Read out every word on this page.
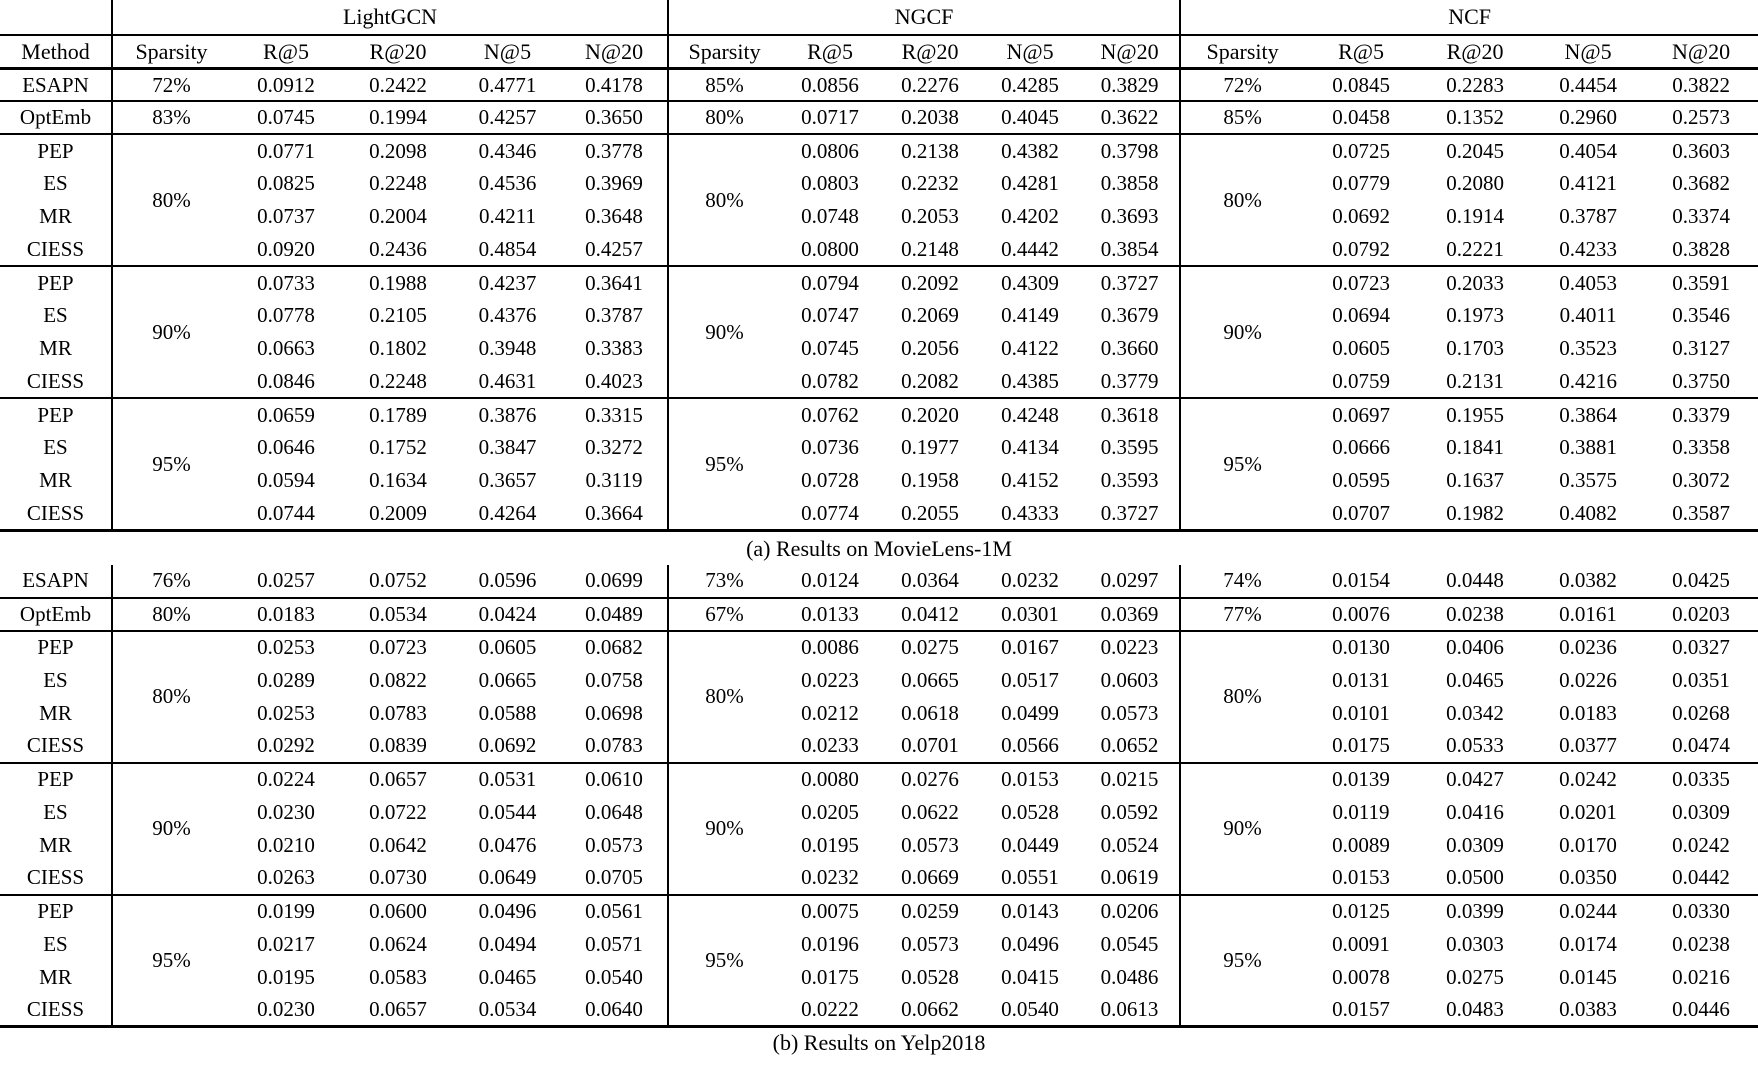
	LightGCN					NGCF					NCF				
Method	Sparsity	R@5	R@20	N@5	N@20	Sparsity	R@5	R@20	N@5	N@20	Sparsity	R@5	R@20	N@5	N@20
ESAPN	72%	0.0912	0.2422	0.4771	0.4178	85%	0.0856	0.2276	0.4285	0.3829	72%	0.0845	0.2283	0.4454	0.3822
OptEmb	83%	0.0745	0.1994	0.4257	0.3650	80%	0.0717	0.2038	0.4045	0.3622	85%	0.0458	0.1352	0.2960	0.2573
PEP	80%	0.0771	0.2098	0.4346	0.3778	80%	0.0806	0.2138	0.4382	0.3798	80%	0.0725	0.2045	0.4054	0.3603
ES		0.0825	0.2248	0.4536	0.3969		0.0803	0.2232	0.4281	0.3858		0.0779	0.2080	0.4121	0.3682
MR		0.0737	0.2004	0.4211	0.3648		0.0748	0.2053	0.4202	0.3693		0.0692	0.1914	0.3787	0.3374
CIESS		0.0920	0.2436	0.4854	0.4257		0.0800	0.2148	0.4442	0.3854		0.0792	0.2221	0.4233	0.3828
PEP	90%	0.0733	0.1988	0.4237	0.3641	90%	0.0794	0.2092	0.4309	0.3727	90%	0.0723	0.2033	0.4053	0.3591
ES		0.0778	0.2105	0.4376	0.3787		0.0747	0.2069	0.4149	0.3679		0.0694	0.1973	0.4011	0.3546
MR		0.0663	0.1802	0.3948	0.3383		0.0745	0.2056	0.4122	0.3660		0.0605	0.1703	0.3523	0.3127
CIESS		0.0846	0.2248	0.4631	0.4023		0.0782	0.2082	0.4385	0.3779		0.0759	0.2131	0.4216	0.3750
PEP	95%	0.0659	0.1789	0.3876	0.3315	95%	0.0762	0.2020	0.4248	0.3618	95%	0.0697	0.1955	0.3864	0.3379
ES		0.0646	0.1752	0.3847	0.3272		0.0736	0.1977	0.4134	0.3595		0.0666	0.1841	0.3881	0.3358
MR		0.0594	0.1634	0.3657	0.3119		0.0728	0.1958	0.4152	0.3593		0.0595	0.1637	0.3575	0.3072
CIESS		0.0744	0.2009	0.4264	0.3664		0.0774	0.2055	0.4333	0.3727		0.0707	0.1982	0.4082	0.3587
(a) Results on MovieLens-1M
ESAPN	76%	0.0257	0.0752	0.0596	0.0699	73%	0.0124	0.0364	0.0232	0.0297	74%	0.0154	0.0448	0.0382	0.0425
OptEmb	80%	0.0183	0.0534	0.0424	0.0489	67%	0.0133	0.0412	0.0301	0.0369	77%	0.0076	0.0238	0.0161	0.0203
PEP	80%	0.0253	0.0723	0.0605	0.0682	80%	0.0086	0.0275	0.0167	0.0223	80%	0.0130	0.0406	0.0236	0.0327
ES		0.0289	0.0822	0.0665	0.0758		0.0223	0.0665	0.0517	0.0603		0.0131	0.0465	0.0226	0.0351
MR		0.0253	0.0783	0.0588	0.0698		0.0212	0.0618	0.0499	0.0573		0.0101	0.0342	0.0183	0.0268
CIESS		0.0292	0.0839	0.0692	0.0783		0.0233	0.0701	0.0566	0.0652		0.0175	0.0533	0.0377	0.0474
PEP	90%	0.0224	0.0657	0.0531	0.0610	90%	0.0080	0.0276	0.0153	0.0215	90%	0.0139	0.0427	0.0242	0.0335
ES		0.0230	0.0722	0.0544	0.0648		0.0205	0.0622	0.0528	0.0592		0.0119	0.0416	0.0201	0.0309
MR		0.0210	0.0642	0.0476	0.0573		0.0195	0.0573	0.0449	0.0524		0.0089	0.0309	0.0170	0.0242
CIESS		0.0263	0.0730	0.0649	0.0705		0.0232	0.0669	0.0551	0.0619		0.0153	0.0500	0.0350	0.0442
PEP	95%	0.0199	0.0600	0.0496	0.0561	95%	0.0075	0.0259	0.0143	0.0206	95%	0.0125	0.0399	0.0244	0.0330
ES		0.0217	0.0624	0.0494	0.0571		0.0196	0.0573	0.0496	0.0545		0.0091	0.0303	0.0174	0.0238
MR		0.0195	0.0583	0.0465	0.0540		0.0175	0.0528	0.0415	0.0486		0.0078	0.0275	0.0145	0.0216
CIESS		0.0230	0.0657	0.0534	0.0640		0.0222	0.0662	0.0540	0.0613		0.0157	0.0483	0.0383	0.0446
(b) Results on Yelp2018
